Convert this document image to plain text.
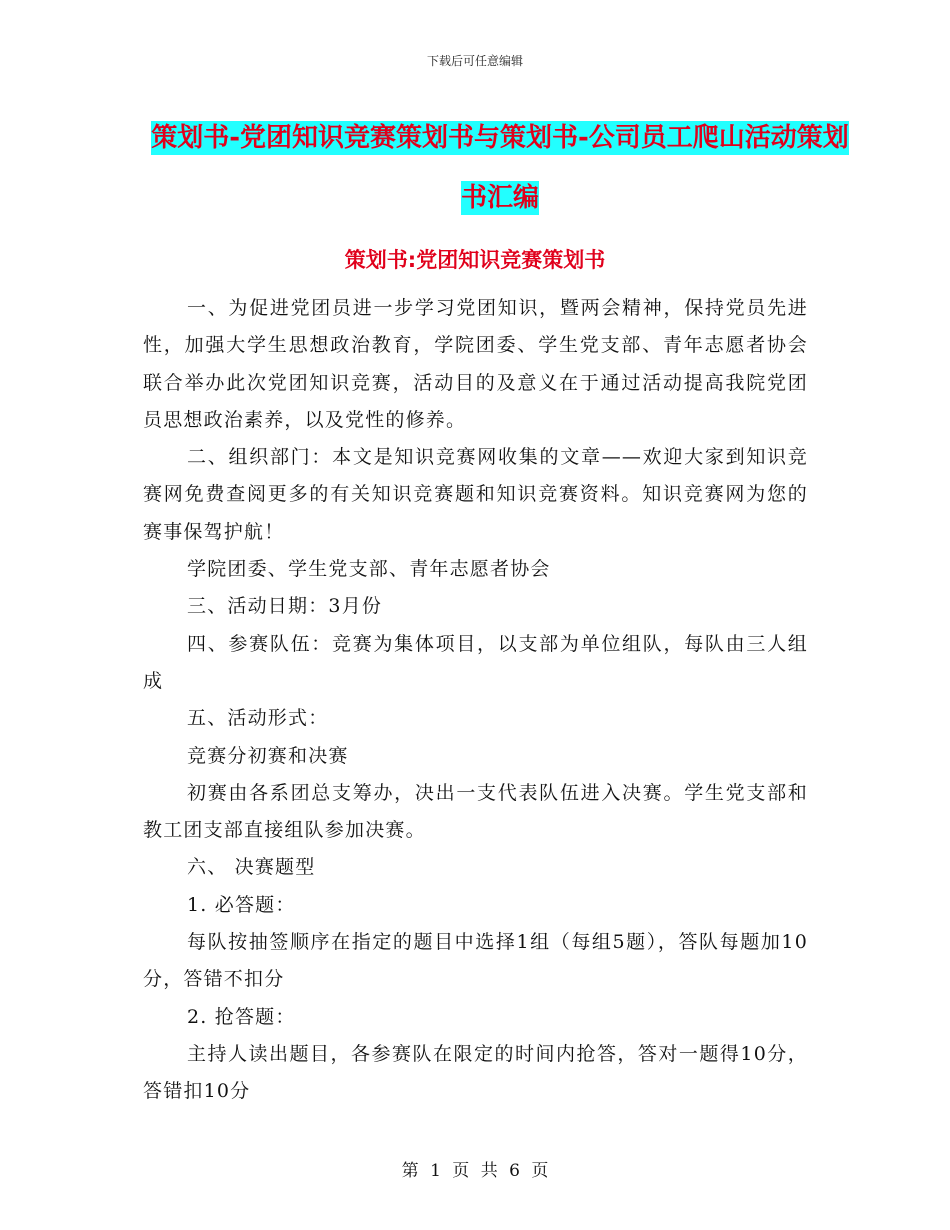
下载后可任意编辑
策划书-党团知识竞赛策划书与策划书-公司员工爬山活动策划书汇编
策划书:党团知识竞赛策划书

一、为促进党团员进一步学习党团知识，暨两会精神，保持党员先进性，加强大学生思想政治教育，学院团委、学生党支部、青年志愿者协会联合举办此次党团知识竞赛，活动目的及意义在于通过活动提高我院党团员思想政治素养，以及党性的修养。

二、组织部门：本文是知识竞赛网收集的文章——欢迎大家到知识竞赛网免费查阅更多的有关知识竞赛题和知识竞赛资料。知识竞赛网为您的赛事保驾护航！

学院团委、学生党支部、青年志愿者协会

三、活动日期：3月份

四、参赛队伍：竞赛为集体项目，以支部为单位组队，每队由三人组成

五、活动形式：

竞赛分初赛和决赛

初赛由各系团总支筹办，决出一支代表队伍进入决赛。学生党支部和教工团支部直接组队参加决赛。

六、 决赛题型

1. 必答题：

每队按抽签顺序在指定的题目中选择1组（每组5题），答队每题加10分，答错不扣分

2. 抢答题：

主持人读出题目，各参赛队在限定的时间内抢答，答对一题得10分，答错扣10分

第 1 页 共 6 页
